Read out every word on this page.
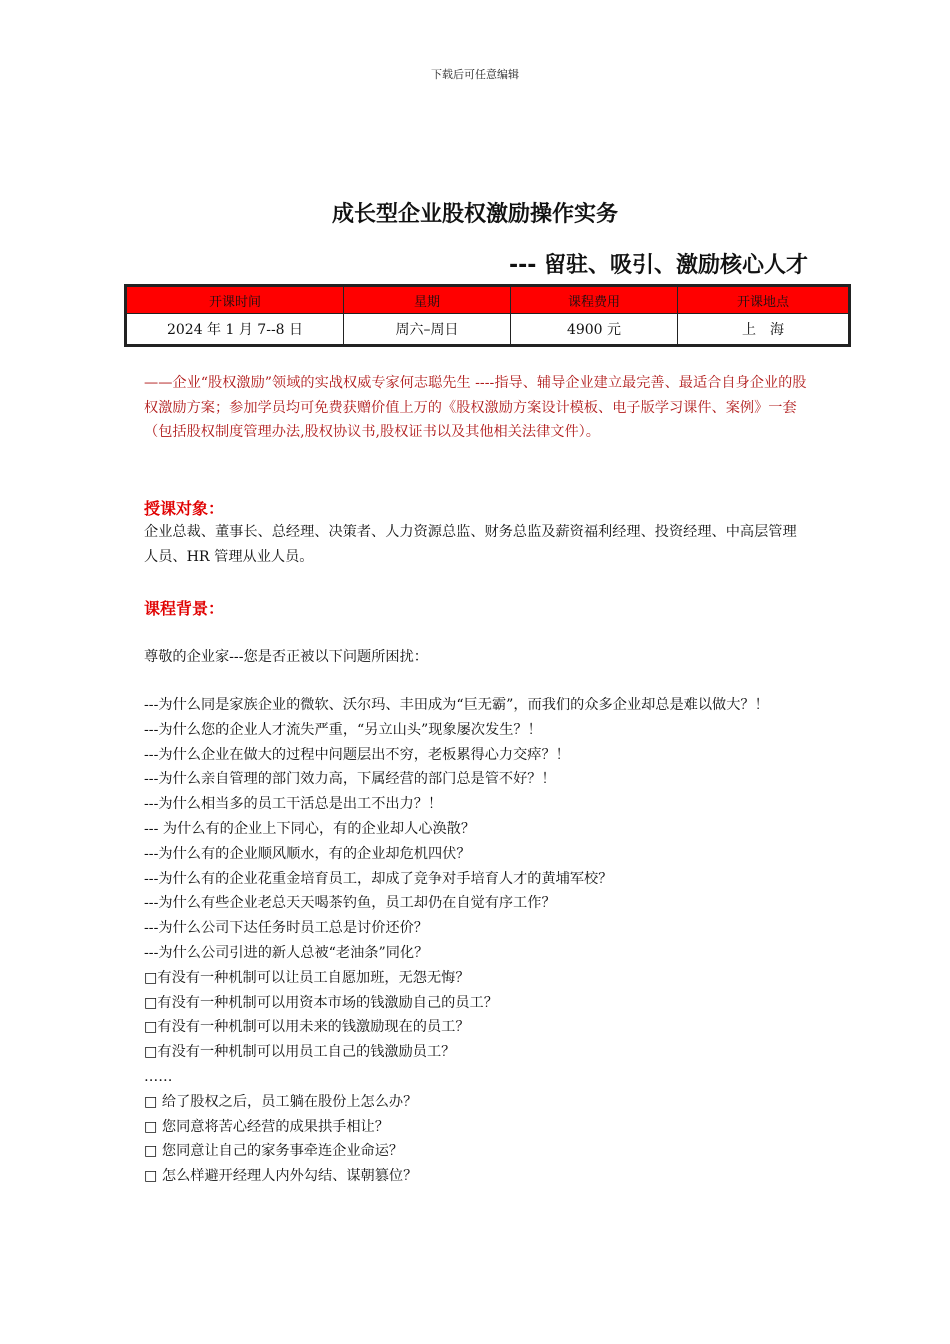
下载后可任意编辑
成长型企业股权激励操作实务
--- 留驻、吸引、激励核心人才
开课时间	星期	课程费用	开课地点
2024 年 1 月 7--8 日	周六–周日	4900 元	上　海
——企业“股权激励”领域的实战权威专家何志聪先生 ----指导、辅导企业建立最完善、最适合自身企业的股权激励方案；参加学员均可免费获赠价值上万的《股权激励方案设计模板、电子版学习课件、案例》一套（包括股权制度管理办法,股权协议书,股权证书以及其他相关法律文件）。
授课对象：
企业总裁、董事长、总经理、决策者、人力资源总监、财务总监及薪资福利经理、投资经理、中高层管理人员、HR 管理从业人员。
课程背景：
尊敬的企业家---您是否正被以下问题所困扰：
---为什么同是家族企业的微软、沃尔玛、丰田成为“巨无霸”，而我们的众多企业却总是难以做大？！
---为什么您的企业人才流失严重，“另立山头”现象屡次发生？！
---为什么企业在做大的过程中问题层出不穷，老板累得心力交瘁？！
---为什么亲自管理的部门效力高，下属经营的部门总是管不好？！
---为什么相当多的员工干活总是出工不出力？！
--- 为什么有的企业上下同心，有的企业却人心涣散？
---为什么有的企业顺风顺水，有的企业却危机四伏？
---为什么有的企业花重金培育员工，却成了竞争对手培育人才的黄埔军校？
---为什么有些企业老总天天喝茶钓鱼，员工却仍在自觉有序工作？
---为什么公司下达任务时员工总是讨价还价？
---为什么公司引进的新人总被“老油条”同化？
□有没有一种机制可以让员工自愿加班，无怨无悔？
□有没有一种机制可以用资本市场的钱激励自己的员工？
□有没有一种机制可以用未来的钱激励现在的员工？
□有没有一种机制可以用员工自己的钱激励员工？
……
□ 给了股权之后，员工躺在股份上怎么办？
□ 您同意将苦心经营的成果拱手相让？
□ 您同意让自己的家务事牵连企业命运？
□ 怎么样避开经理人内外勾结、谋朝篡位？
